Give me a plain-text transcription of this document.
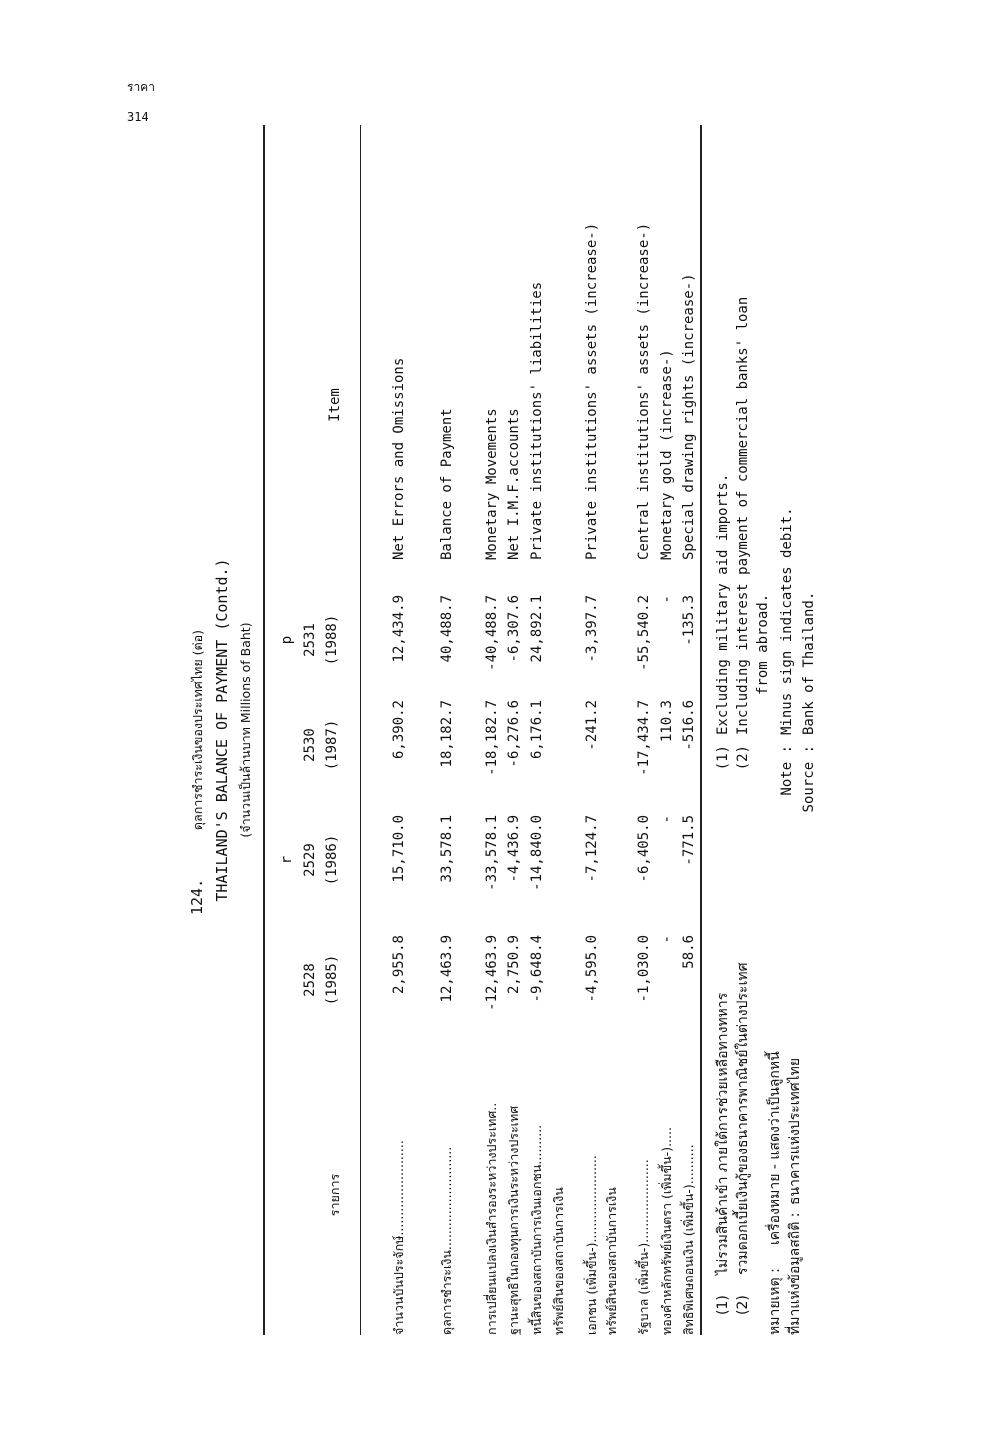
ราคา
314
124.
ดุลการชำระเงินของประเทศไทย (ต่อ) THAILAND'S BALANCE OF PAYMENT (Contd.) (จำนวนเป็นล้านบาท Millions of Baht)
รายการ
Item
2528 (1985)
r 2529 (1986)
2530 (1987)
p 2531 (1988)
จำนวนบันประจักษ์........................
2,955.8
15,710.0
6,390.2
12,434.9
Net Errors and Omissions
ดุลการชำระเงิน..........................
12,463.9
33,578.1
18,182.7
40,488.7
Balance of Payment
การเปลี่ยนแปลงเงินสำรองระหว่างประเทศ..
-12,463.9
-33,578.1
-18,182.7
-40,488.7
Monetary Movements
ฐานะสุทธิในกองทุนการเงินระหว่างประเทศ
2,750.9
-4,436.9
-6,276.6
-6,307.6
Net I.M.F.accounts
หนี้สินของสถาบันการเงินเอกชน..........
-9,648.4
-14,840.0
6,176.1
24,892.1
Private institutions' liabilities
ทรัพย์สินของสถาบันการเงิน เอกชน (เพิ่มขึ้น-)......................
-4,595.0
-7,124.7
-241.2
-3,397.7
Private institutions' assets (increase-)
ทรัพย์สินของสถาบันการเงิน รัฐบาล (เพิ่มขึ้น-).....................
-1,030.0
-6,405.0
-17,434.7
-55,540.2
Central institutions' assets (increase-)
ทองคำหลักทรัพย์เงินตรา (เพิ่มขึ้น-).....
-
-
110.3
-
Monetary gold (increase-)
สิทธิพิเศษถอนเงิน (เพิ่มขึ้น-)..........
58.6
-771.5
-516.6
-135.3
Special drawing rights (increase-)
(1)
ไม่รวมสินค้าเข้า ภายใต้การช่วยเหลือทางทหาร
(2)
รวมดอกเบี้ยเงินกู้ของธนาคารพาณิชย์ในต่างประเทศ
หมายเหตุ :
เครื่องหมาย - แสดงว่าเป็นลูกหนี้
ที่มาแห่งข้อมูลสถิติ :
ธนาคารแห่งประเทศไทย
(1)
Excluding military aid imports.
(2)
Including interest payment of commercial banks' loan from abroad.
Note :
Minus sign indicates debit.
Source :
Bank of Thailand.
